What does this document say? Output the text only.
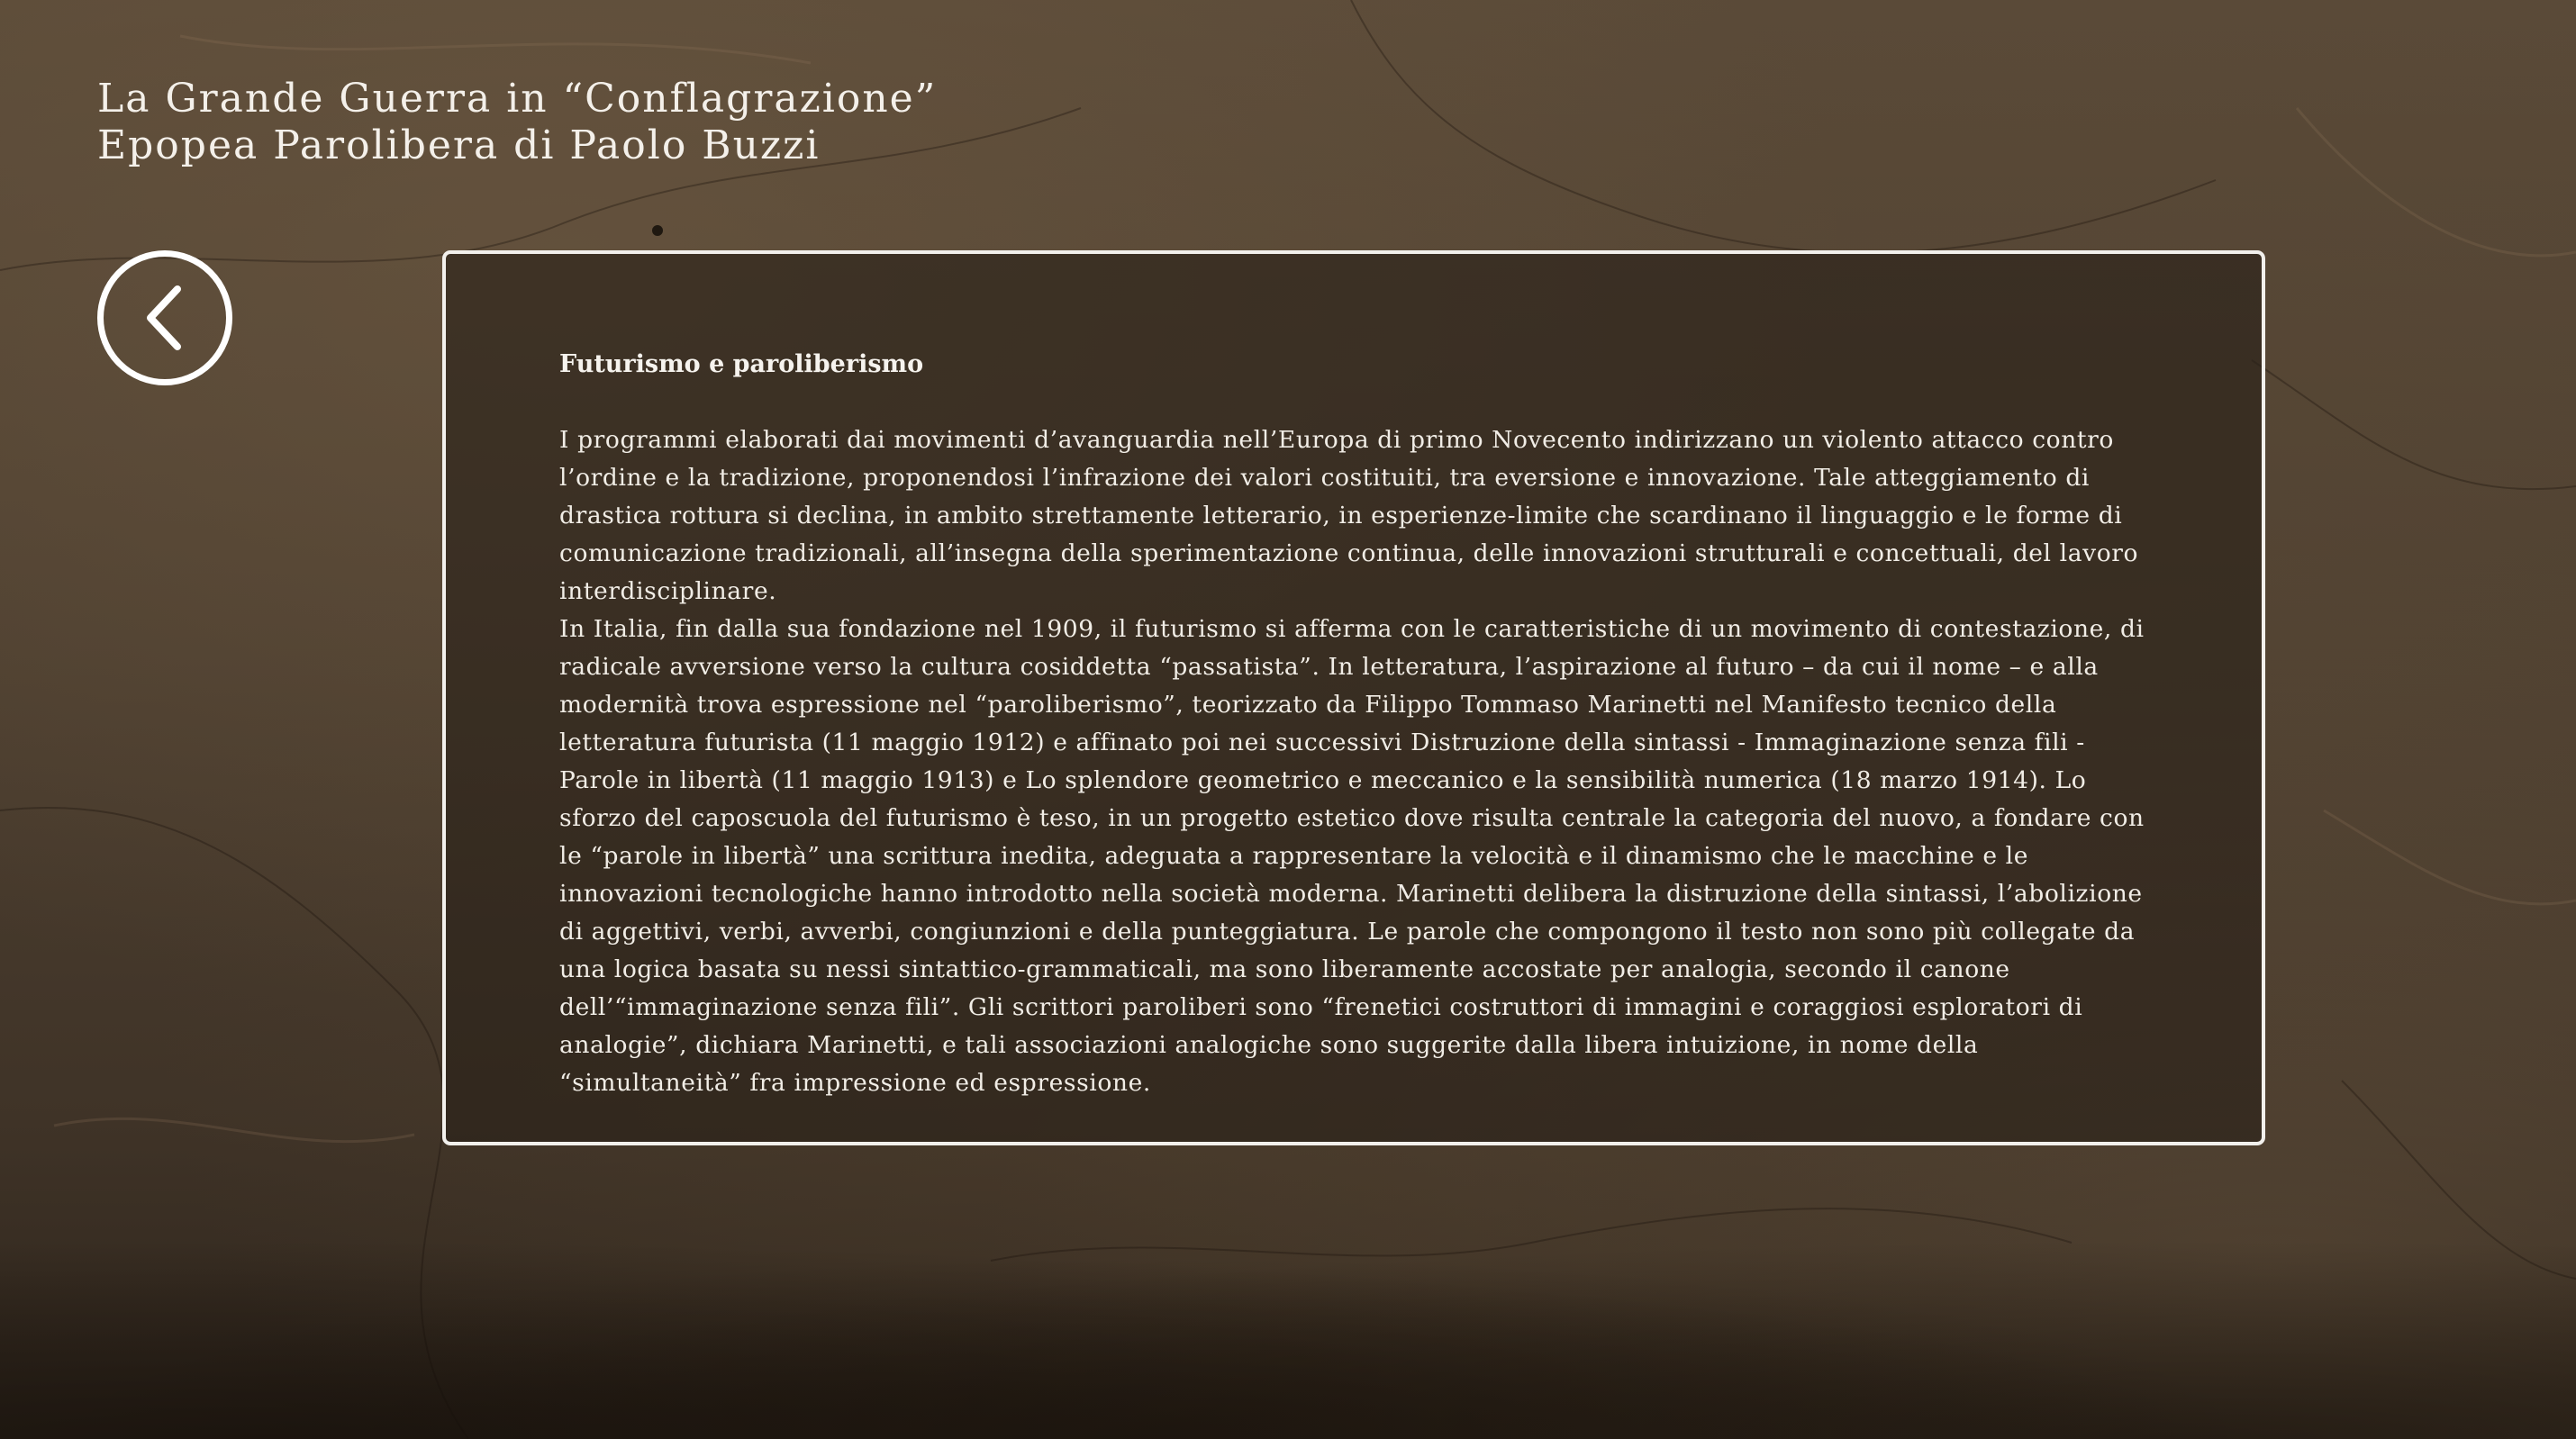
La Grande Guerra in “Conflagrazione”
Epopea Parolibera di Paolo Buzzi

Futurismo e paroliberismo

I programmi elaborati dai movimenti d’avanguardia nell’Europa di primo Novecento indirizzano un violento attacco contro l’ordine e la tradizione, proponendosi l’infrazione dei valori costituiti, tra eversione e innovazione. Tale atteggiamento di drastica rottura si declina, in ambito strettamente letterario, in esperienze-limite che scardinano il linguaggio e le forme di comunicazione tradizionali, all’insegna della sperimentazione continua, delle innovazioni strutturali e concettuali, del lavoro interdisciplinare.

In Italia, fin dalla sua fondazione nel 1909, il futurismo si afferma con le caratteristiche di un movimento di contestazione, di radicale avversione verso la cultura cosiddetta “passatista”. In letteratura, l’aspirazione al futuro – da cui il nome – e alla modernità trova espressione nel “paroliberismo”, teorizzato da Filippo Tommaso Marinetti nel Manifesto tecnico della letteratura futurista (11 maggio 1912) e affinato poi nei successivi Distruzione della sintassi - Immaginazione senza fili - Parole in libertà (11 maggio 1913) e Lo splendore geometrico e meccanico e la sensibilità numerica (18 marzo 1914). Lo sforzo del caposcuola del futurismo è teso, in un progetto estetico dove risulta centrale la categoria del nuovo, a fondare con le “parole in libertà” una scrittura inedita, adeguata a rappresentare la velocità e il dinamismo che le macchine e le innovazioni tecnologiche hanno introdotto nella società moderna. Marinetti delibera la distruzione della sintassi, l’abolizione di aggettivi, verbi, avverbi, congiunzioni e della punteggiatura. Le parole che compongono il testo non sono più collegate da una logica basata su nessi sintattico-grammaticali, ma sono liberamente accostate per analogia, secondo il canone dell’“immaginazione senza fili”. Gli scrittori paroliberi sono “frenetici costruttori di immagini e coraggiosi esploratori di analogie”, dichiara Marinetti, e tali associazioni analogiche sono suggerite dalla libera intuizione, in nome della “simultaneità” fra impressione ed espressione.
